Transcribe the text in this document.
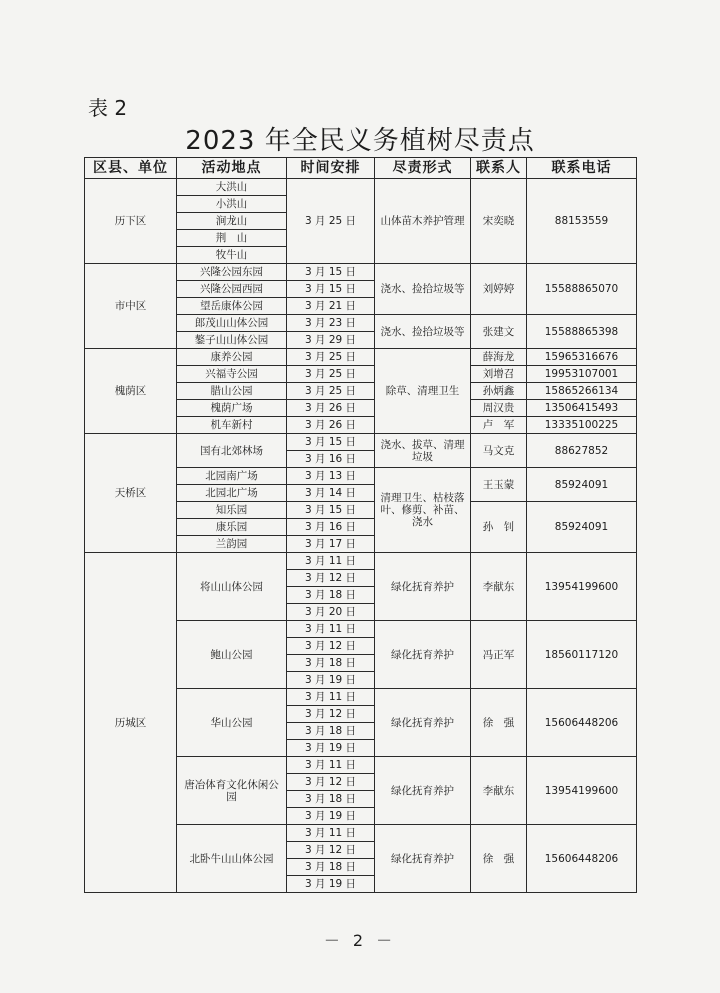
表 2
2023 年全民义务植树尽责点
区县、单位	活动地点	时间安排	尽责形式	联系人	联系电话
历下区	大洪山	3 月 25 日	山体苗木养护管理	宋奕晓	88153559
	小洪山				
	涧龙山				
	荆　山				
	牧牛山				
市中区	兴隆公园东园	3 月 15 日	浇水、捡拾垃圾等	刘婷婷	15588865070
	兴隆公园西园	3 月 15 日			
	望岳康体公园	3 月 21 日			
	郎茂山山体公园	3 月 23 日	浇水、捡拾垃圾等	张建文	15588865398
	鏊子山山体公园	3 月 29 日			
槐荫区	康养公园	3 月 25 日	除草、清理卫生	薛海龙	15965316676
	兴福寺公园	3 月 25 日		刘增召	19953107001
	腊山公园	3 月 25 日		孙炳鑫	15865266134
	槐荫广场	3 月 26 日		周汉贵	13506415493
	机车新村	3 月 26 日		卢　军	13335100225
天桥区	国有北郊林场	3 月 15 日	浇水、拔草、清理垃圾	马文克	88627852
		3 月 16 日			
	北园南广场	3 月 13 日	清理卫生、枯枝落叶、修剪、补苗、浇水	王玉蒙	85924091
	北园北广场	3 月 14 日			
	知乐园	3 月 15 日		孙　钊	85924091
	康乐园	3 月 16 日			
	兰韵园	3 月 17 日			
历城区	将山山体公园	3 月 11 日	绿化抚育养护	李献东	13954199600
		3 月 12 日			
		3 月 18 日			
		3 月 20 日			
	鲍山公园	3 月 11 日	绿化抚育养护	冯正军	18560117120
		3 月 12 日			
		3 月 18 日			
		3 月 19 日			
	华山公园	3 月 11 日	绿化抚育养护	徐　强	15606448206
		3 月 12 日			
		3 月 18 日			
		3 月 19 日			
	唐冶体育文化休闲公园	3 月 11 日	绿化抚育养护	李献东	13954199600
		3 月 12 日			
		3 月 18 日			
		3 月 19 日			
	北卧牛山山体公园	3 月 11 日	绿化抚育养护	徐　强	15606448206
		3 月 12 日			
		3 月 18 日			
		3 月 19 日			
－ 2 －
